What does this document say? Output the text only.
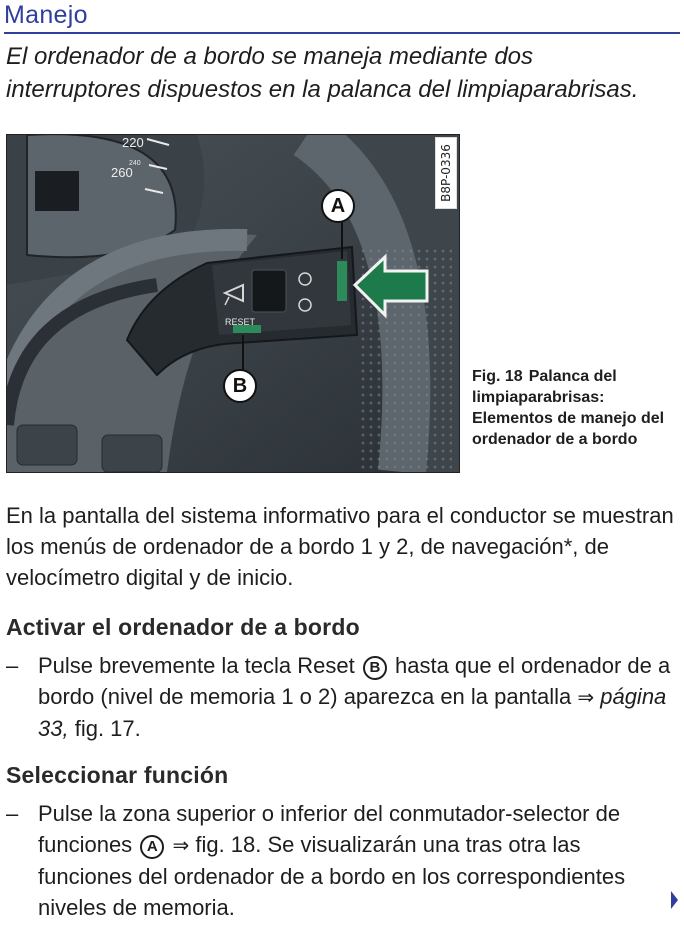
Manejo
El ordenador de a bordo se maneja mediante dos interruptores dispuestos en la palanca del limpiaparabrisas.
220
240
260
RESET
B8P-0336
A
B	Fig. 18 Palanca del limpiaparabrisas: Elementos de manejo del ordenador de a bordo
En la pantalla del sistema informativo para el conductor se muestran los menús de ordenador de a bordo 1 y 2, de navegación*, de velocímetro digital y de inicio.
Activar el ordenador de a bordo
– Pulse brevemente la tecla Reset B hasta que el ordenador de a bordo (nivel de memoria 1 o 2) aparezca en la pantalla ⇒ página 33, fig. 17.
Seleccionar función
– Pulse la zona superior o inferior del conmutador-selector de funciones A ⇒ fig. 18. Se visualizarán una tras otra las funciones del ordenador de a bordo en los correspondientes niveles de memoria.
